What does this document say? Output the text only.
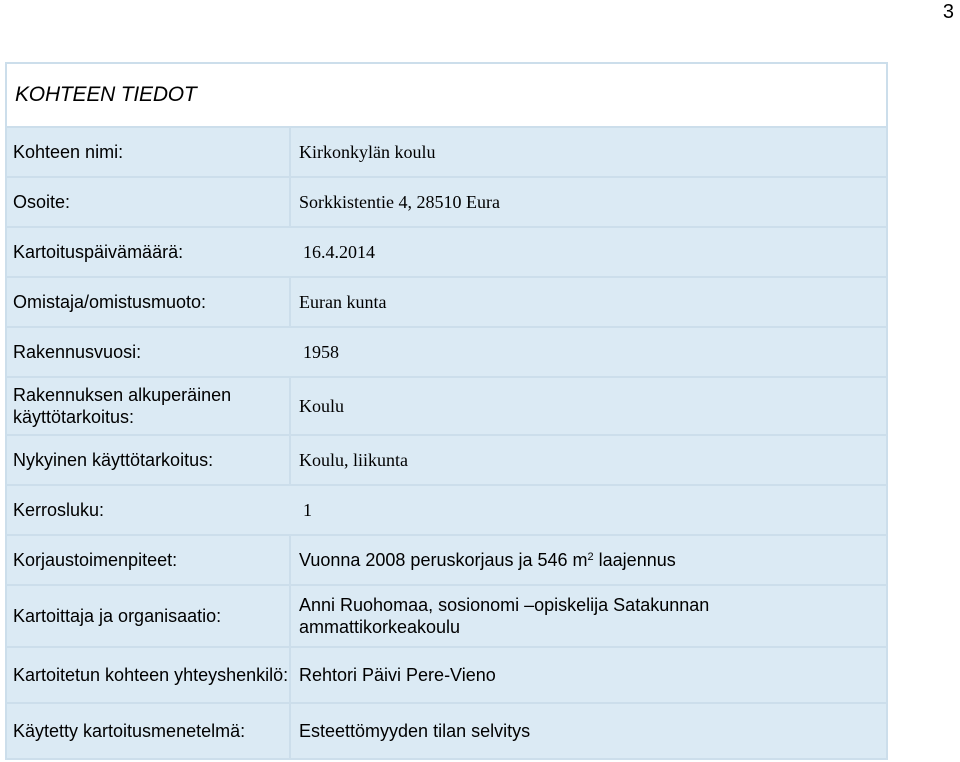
3
KOHTEEN TIEDOT
Kohteen nimi:	Kirkonkylän koulu
Osoite:	Sorkkistentie 4, 28510 Eura
Kartoituspäivämäärä:	16.4.2014
Omistaja/omistusmuoto:	Euran kunta
Rakennusvuosi:	1958
Rakennuksen alkuperäinen käyttötarkoitus:
Koulu
Nykyinen käyttötarkoitus:	Koulu, liikunta
Kerrosluku:	1
Korjaustoimenpiteet:	Vuonna 2008 peruskorjaus ja 546 $m^2$ laajennus
Kartoittaja ja organisaatio:
Anni Ruohomaa, sosionomi –opiskelija Satakunnan ammattikorkeakoulu
Kartoitetun kohteen yhteyshenkilö: Rehtori Päivi Pere-Vieno
Käytetty kartoitusmenetelmä:	Esteettömyyden tilan selvitys
